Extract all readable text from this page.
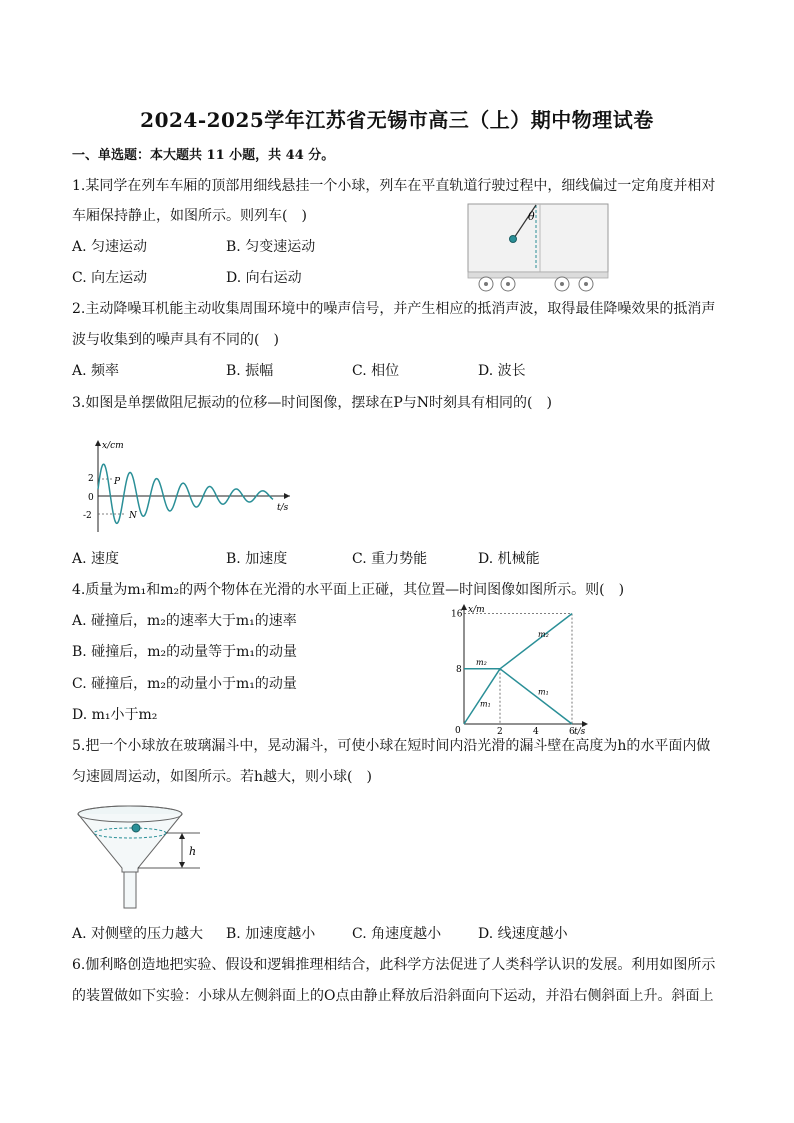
2024-2025学年江苏省无锡市高三（上）期中物理试卷
一、单选题：本大题共 11 小题，共 44 分。
1.某同学在列车车厢的顶部用细线悬挂一个小球，列车在平直轨道行驶过程中，细线偏过一定角度并相对
车厢保持静止，如图所示。则列车(　)
A. 匀速运动	B. 匀变速运动
C. 向左运动	D. 向右运动
θ
2.主动降噪耳机能主动收集周围环境中的噪声信号，并产生相应的抵消声波，取得最佳降噪效果的抵消声
波与收集到的噪声具有不同的(　)
A. 频率	B. 振幅	C. 相位	D. 波长
3.如图是单摆做阻尼振动的位移—时间图像，摆球在P与N时刻具有相同的(　)
x/cm
t/s
2
0
-2
P
N
A. 速度	B. 加速度	C. 重力势能	D. 机械能
4.质量为m₁和m₂的两个物体在光滑的水平面上正碰，其位置—时间图像如图所示。则(　)
A. 碰撞后，m₂的速率大于m₁的速率
B. 碰撞后，m₂的动量等于m₁的动量
C. 碰撞后，m₂的动量小于m₁的动量
D. m₁小于m₂
x/m
t/s
0	2	4	6
8
16
m₂
m₁
m₂
m₁
5.把一个小球放在玻璃漏斗中，晃动漏斗，可使小球在短时间内沿光滑的漏斗壁在高度为h的水平面内做
匀速圆周运动，如图所示。若h越大，则小球(　)
h
A. 对侧壁的压力越大 B. 加速度越小	C. 角速度越小	D. 线速度越小
6.伽利略创造地把实验、假设和逻辑推理相结合，此科学方法促进了人类科学认识的发展。利用如图所示
的装置做如下实验：小球从左侧斜面上的O点由静止释放后沿斜面向下运动，并沿右侧斜面上升。斜面上
